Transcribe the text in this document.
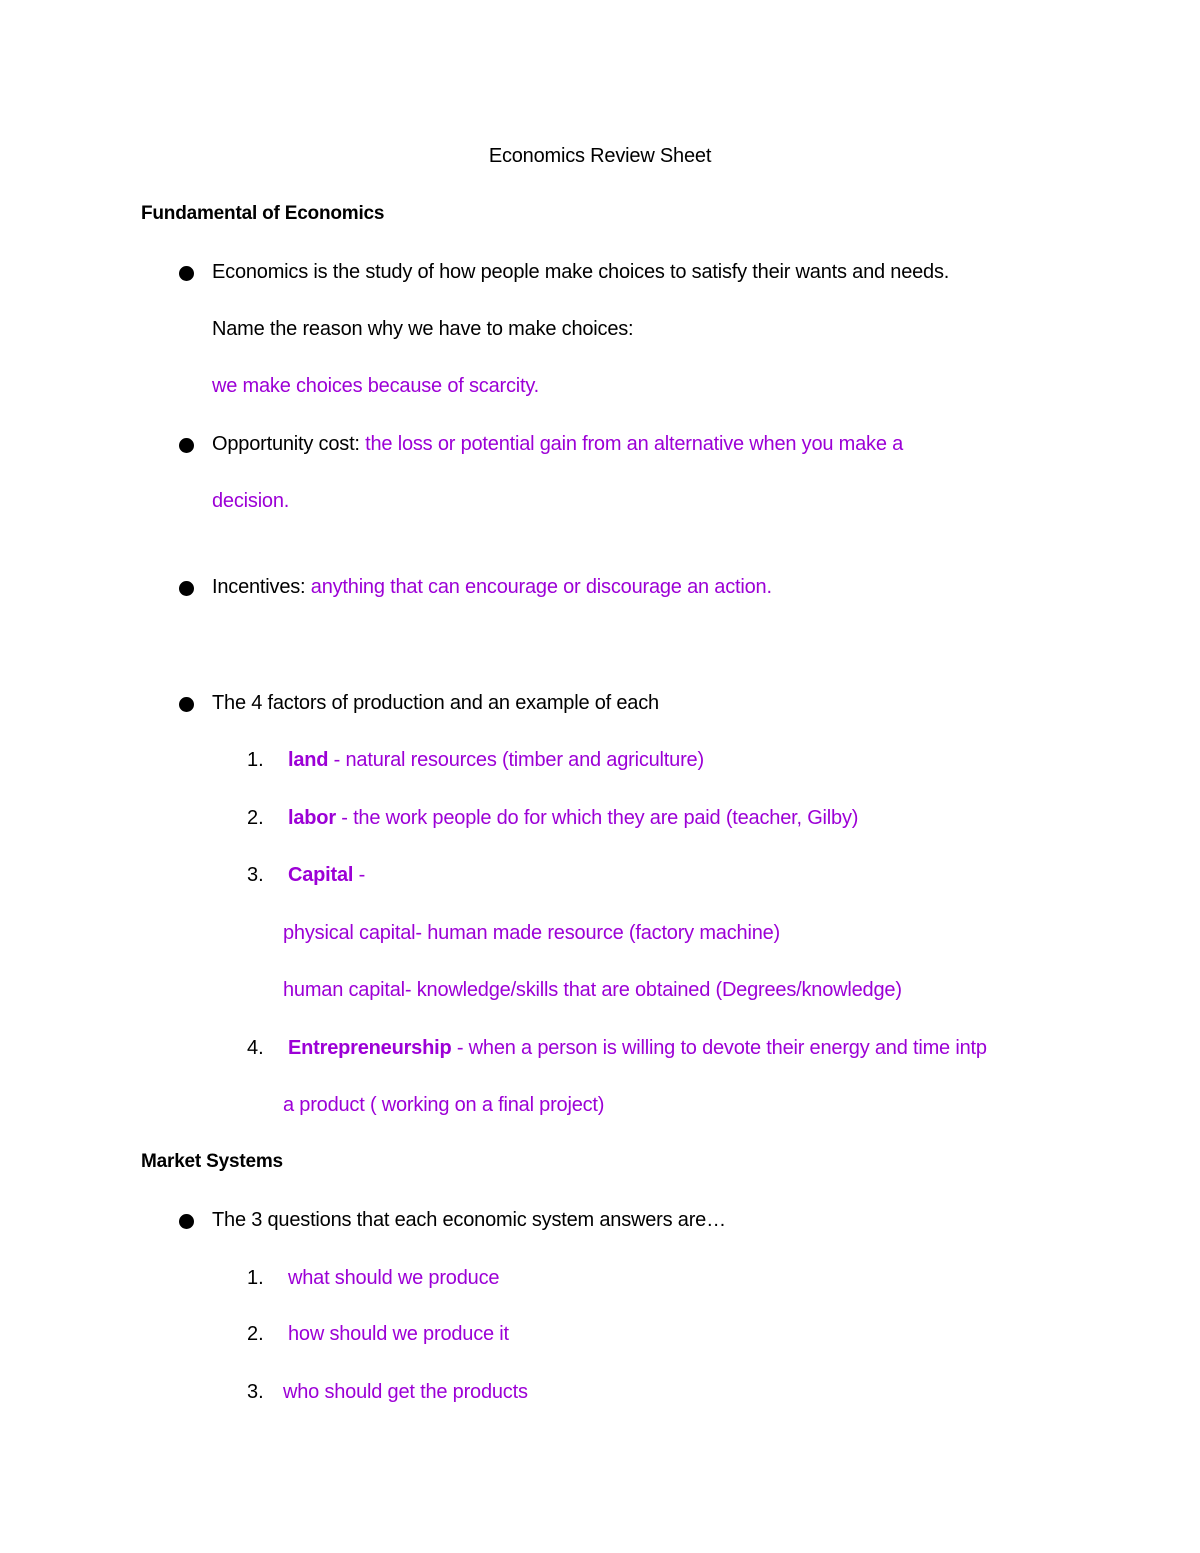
Economics Review Sheet
Fundamental of Economics
Economics is the study of how people make choices to satisfy their wants and needs.
Name the reason why we have to make choices:
we make choices because of scarcity.
Opportunity cost: the loss or potential gain from an alternative when you make a
decision.
Incentives: anything that can encourage or discourage an action.
The 4 factors of production and an example of each
1. land - natural resources (timber and agriculture)
2. labor - the work people do for which they are paid (teacher, Gilby)
3. Capital -
physical capital- human made resource (factory machine)
human capital- knowledge/skills that are obtained (Degrees/knowledge)
4. Entrepreneurship - when a person is willing to devote their energy and time intp
a product ( working on a final project)
Market Systems
The 3 questions that each economic system answers are…
1. what should we produce
2. how should we produce it
3. who should get the products
